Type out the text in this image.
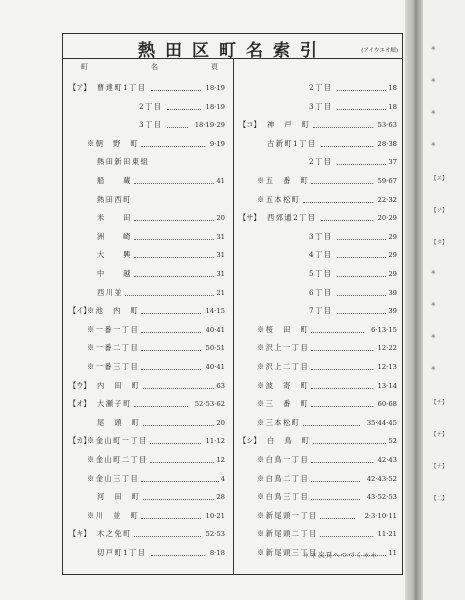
※
※
※
※
【ス】
【ソ】
【タ】
※
※
※
※
【チ】
【テ】
【ナ】
【二】
熱田区町名索引	(アイウエオ順)
町	名	頁
【ア】 曹達町1丁目	18·19
2丁目	18·19
3丁目	18·19·29
※朝　野　町	9·19
熱田新田東組
船　　蔵	41
熱田西町
米　　田	20
洲　　崎	31
大　　興	31
中　　越	31
西川並	21
【イ】
※池　内　町	14·15
※一番一丁目	40·41
※一番二丁目	50·51
※一番三丁目	40·41
【ウ】 内　田　町	63
【オ】 大瀬子町	52·53·62
尾　頭　町	20
【カ】
※金山町一丁目	11·12
※金山町二丁目	12
※金山三丁目	4
河　田　町	28
※川　並　町	10·21
【キ】 木之免町	52·53
切戸町1丁目	8·18
2丁目	18
3丁目	18
【コ】 神　戸　町	53·63
古新町1丁目	28·38
2丁目	37
※五　番　町	59·67
※五本松町	22·32
【サ】 西郊通2丁目	20·29
3丁目	29
4丁目	29
5丁目	29
6丁目	39
7丁目	39
※桜　田　町	6·13·15
※沢上一丁目	12·22
※沢上二丁目	12·13
※波　寄　町	13·14
※三　番　町	60·68
※三本松町	35·44·45
【シ】 白　鳥　町	52
※白鳥一丁目	42·43
※白鳥二丁目	42·43·52
※白鳥三丁目	43·52·53
※新尾頭一丁目	2·3·10·11
※新尾頭二丁目	11·21
※新尾頭三丁目	11
＊＊次頁へつづく＊＊
